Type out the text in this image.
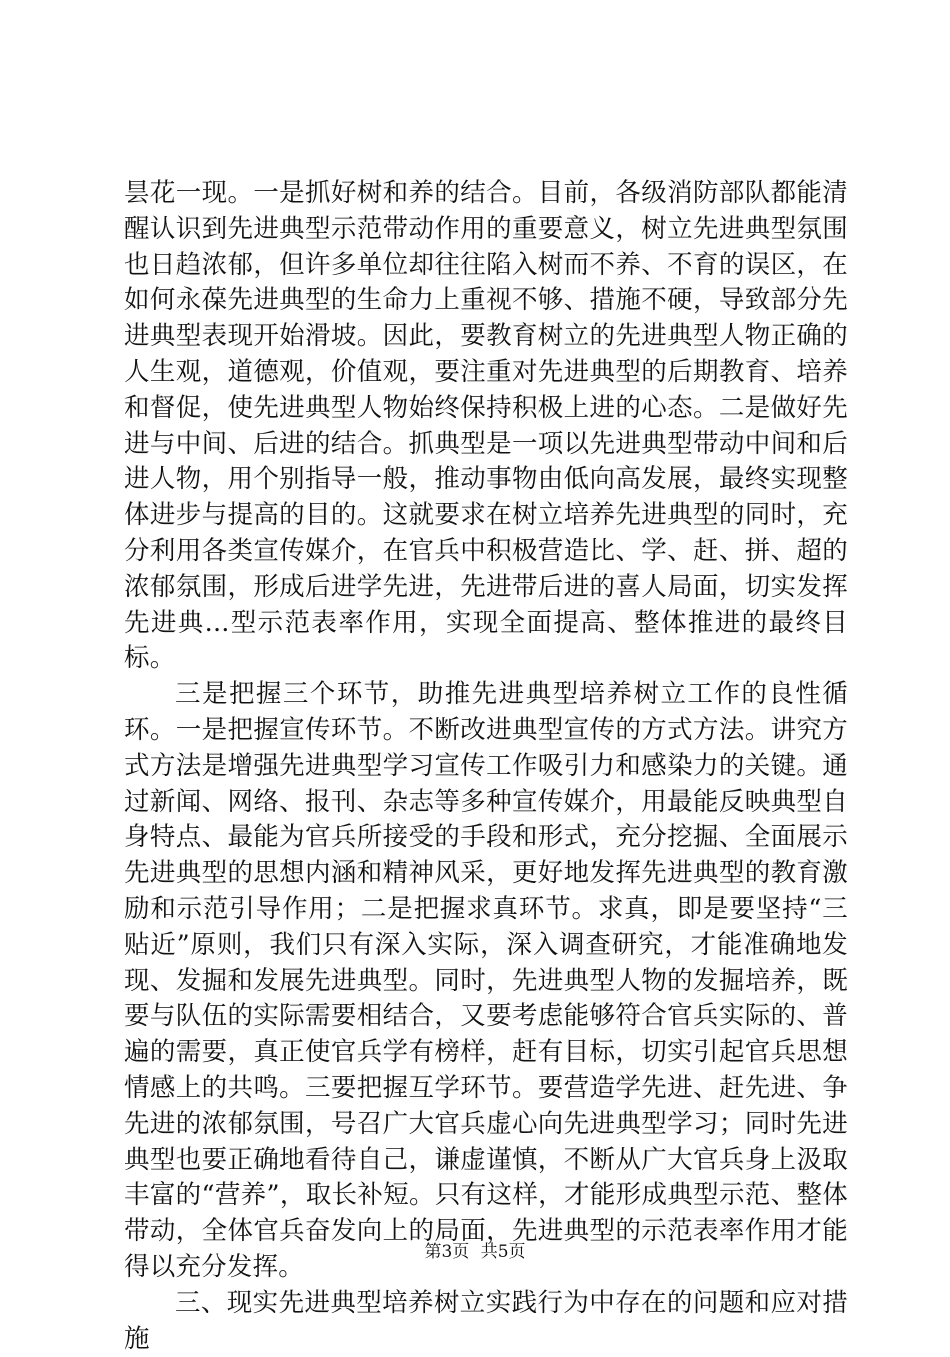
昙花一现。一是抓好树和养的结合。目前，各级消防部队都能清醒认识到先进典型示范带动作用的重要意义，树立先进典型氛围也日趋浓郁，但许多单位却往往陷入树而不养、不育的误区，在如何永葆先进典型的生命力上重视不够、措施不硬，导致部分先进典型表现开始滑坡。因此，要教育树立的先进典型人物正确的人生观，道德观，价值观，要注重对先进典型的后期教育、培养和督促，使先进典型人物始终保持积极上进的心态。二是做好先进与中间、后进的结合。抓典型是一项以先进典型带动中间和后进人物，用个别指导一般，推动事物由低向高发展，最终实现整体进步与提高的目的。这就要求在树立培养先进典型的同时，充分利用各类宣传媒介，在官兵中积极营造比、学、赶、拼、超的浓郁氛围，形成后进学先进，先进带后进的喜人局面，切实发挥先进典...型示范表率作用，实现全面提高、整体推进的最终目标。

三是把握三个环节，助推先进典型培养树立工作的良性循环。一是把握宣传环节。不断改进典型宣传的方式方法。讲究方式方法是增强先进典型学习宣传工作吸引力和感染力的关键。通过新闻、网络、报刊、杂志等多种宣传媒介，用最能反映典型自身特点、最能为官兵所接受的手段和形式，充分挖掘、全面展示先进典型的思想内涵和精神风采，更好地发挥先进典型的教育激励和示范引导作用；二是把握求真环节。求真，即是要坚持“三贴近”原则，我们只有深入实际，深入调查研究，才能准确地发现、发掘和发展先进典型。同时，先进典型人物的发掘培养，既要与队伍的实际需要相结合，又要考虑能够符合官兵实际的、普遍的需要，真正使官兵学有榜样，赶有目标，切实引起官兵思想情感上的共鸣。三要把握互学环节。要营造学先进、赶先进、争先进的浓郁氛围，号召广大官兵虚心向先进典型学习；同时先进典型也要正确地看待自己，谦虚谨慎，不断从广大官兵身上汲取丰富的“营养”，取长补短。只有这样，才能形成典型示范、整体带动，全体官兵奋发向上的局面，先进典型的示范表率作用才能得以充分发挥。

三、现实先进典型培养树立实践行为中存在的问题和应对措施

第3页 共5页
